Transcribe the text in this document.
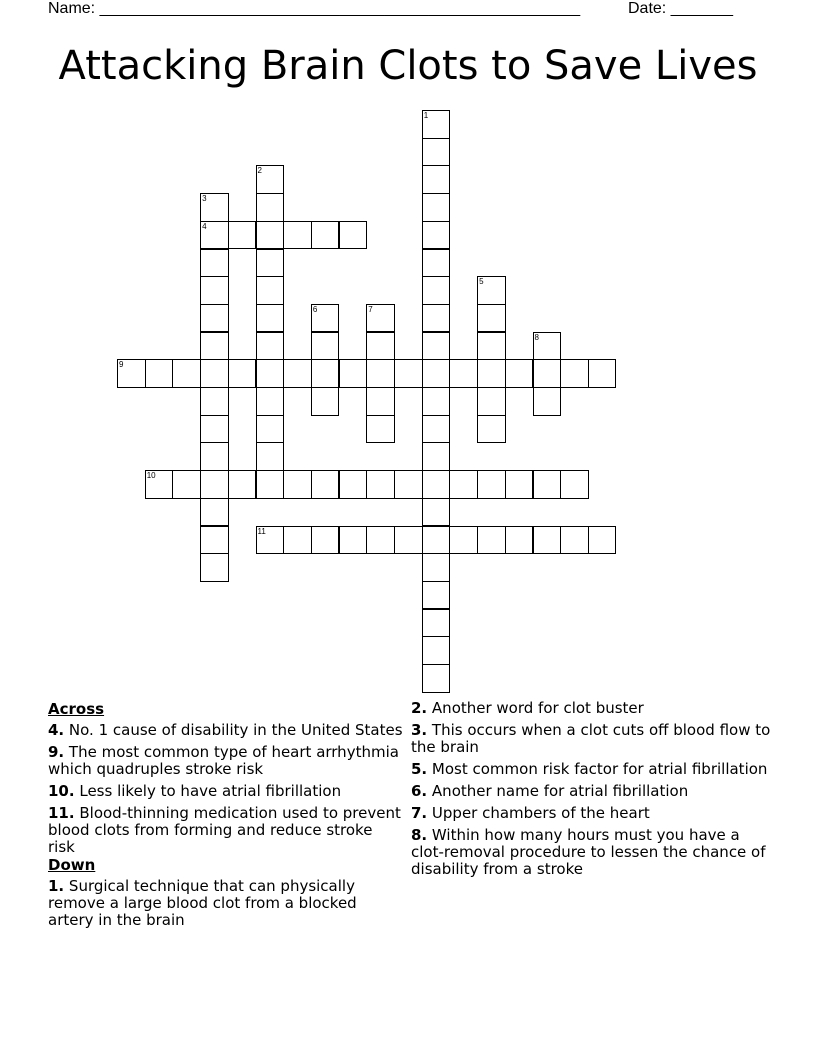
Name: ______________________________________________________	Date: _______
Attacking Brain Clots to Save Lives
1
2
3
4
5
6	7
8
9
10
11
Across
4. No. 1 cause of disability in the United States
9. The most common type of heart arrhythmia which quadruples stroke risk
10. Less likely to have atrial fibrillation
11. Blood-thinning medication used to prevent blood clots from forming and reduce stroke risk
Down
1. Surgical technique that can physically remove a large blood clot from a blocked artery in the brain
2. Another word for clot buster
3. This occurs when a clot cuts off blood flow to the brain
5. Most common risk factor for atrial fibrillation
6. Another name for atrial fibrillation
7. Upper chambers of the heart
8. Within how many hours must you have a clot-removal procedure to lessen the chance of disability from a stroke
